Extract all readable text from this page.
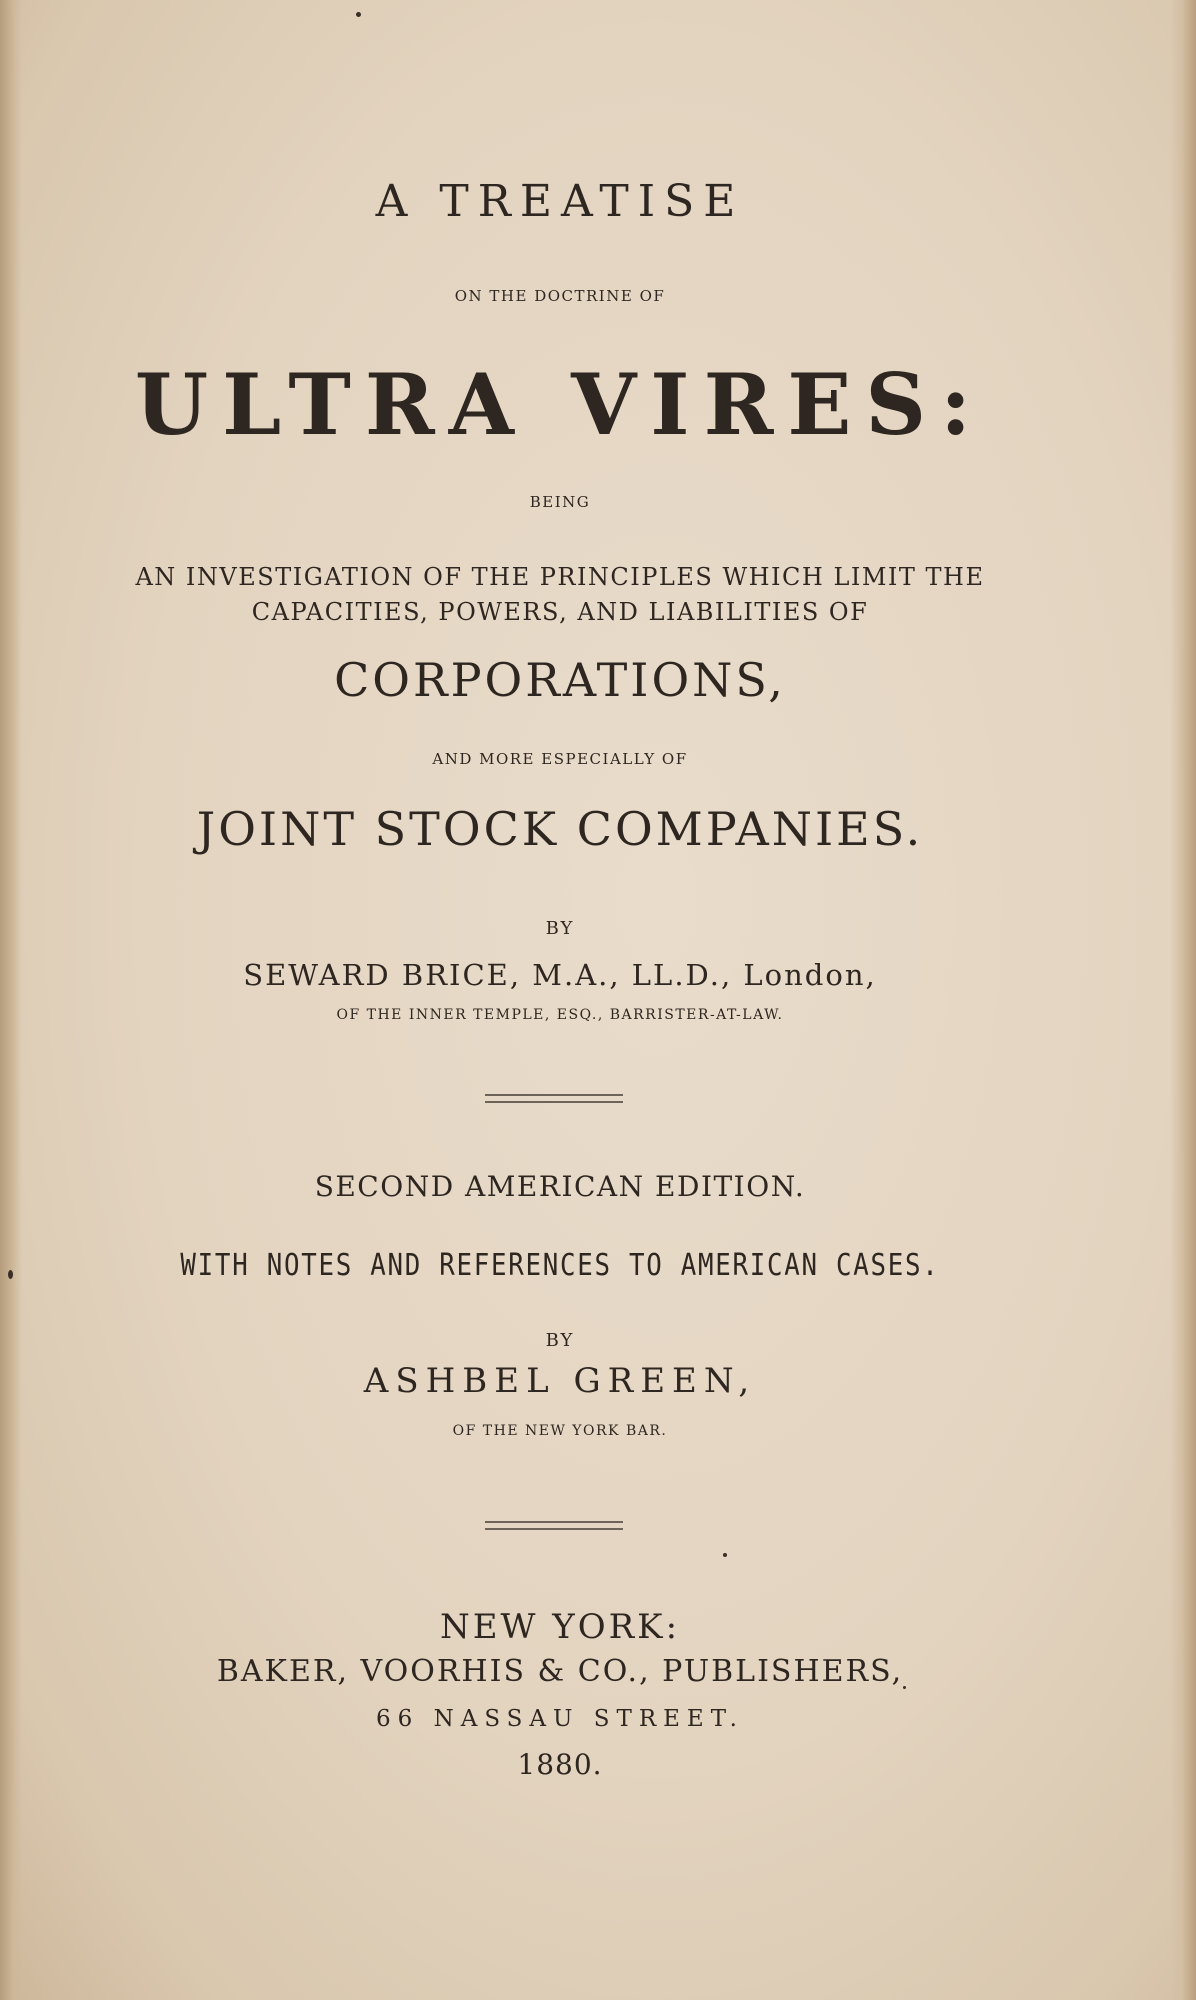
A TREATISE

ON THE DOCTRINE OF

ULTRA VIRES:

BEING

AN INVESTIGATION OF THE PRINCIPLES WHICH LIMIT THE

CAPACITIES, POWERS, AND LIABILITIES OF

CORPORATIONS,

AND MORE ESPECIALLY OF

JOINT STOCK COMPANIES.

BY

SEWARD BRICE, M.A., LL.D., London,

OF THE INNER TEMPLE, ESQ., BARRISTER-AT-LAW.

SECOND AMERICAN EDITION.

WITH NOTES AND REFERENCES TO AMERICAN CASES.

BY

ASHBEL GREEN,

OF THE NEW YORK BAR.

NEW YORK:

BAKER, VOORHIS & CO., PUBLISHERS,

66 NASSAU STREET.

1880.
